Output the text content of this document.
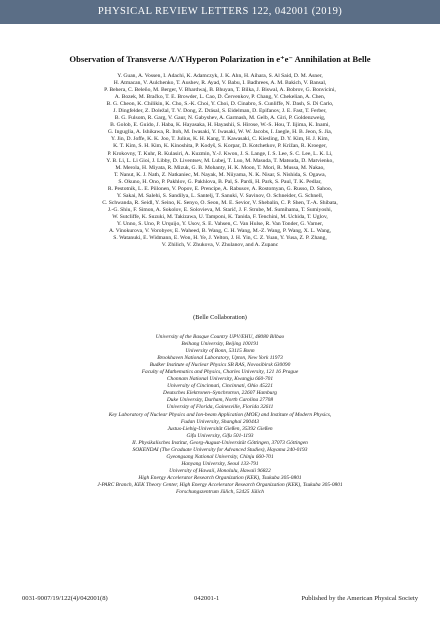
PHYSICAL REVIEW LETTERS 122, 042001 (2019)
Observation of Transverse Λ/Λ̄ Hyperon Polarization in e⁺e⁻ Annihilation at Belle
Y. Guan, A. Vossen, I. Adachi, K. Adamczyk, J. K. Ahn, H. Aihara, S. Al Said, D. M. Asner,
H. Atmacan, V. Aulchenko, T. Aushev, R. Ayad, V. Babu, I. Badhrees, A. M. Bakich, V. Bansal,
P. Behera, C. Beleño, M. Berger, V. Bhardwaj, B. Bhuyan, T. Bilka, J. Biswal, A. Bobrov, G. Bonvicini,
A. Bozek, M. Bračko, T. E. Browder, L. Cao, D. Červenkov, P. Chang, V. Chekelian, A. Chen,
B. G. Cheon, K. Chilikin, K. Cho, S.-K. Choi, Y. Choi, D. Cinabro, S. Cunliffe, N. Dash, S. Di Carlo,
J. Dingfelder, Z. Doležal, T. V. Dong, Z. Drásal, S. Eidelman, D. Epifanov, J. E. Fast, T. Ferber,
B. G. Fulsom, R. Garg, V. Gaur, N. Gabyshev, A. Garmash, M. Gelb, A. Giri, P. Goldenzweig,
B. Golob, E. Guido, J. Haba, K. Hayasaka, H. Hayashii, S. Hirose, W.-S. Hou, T. Iijima, K. Inami,
G. Inguglia, A. Ishikawa, R. Itoh, M. Iwasaki, Y. Iwasaki, W. W. Jacobs, I. Jaegle, H. B. Jeon, S. Jia,
Y. Jin, D. Joffe, K. K. Joo, T. Julius, K. H. Kang, T. Kawasaki, C. Kiesling, D. Y. Kim, H. J. Kim,
K. T. Kim, S. H. Kim, K. Kinoshita, P. Kodyš, S. Korpar, D. Kotchetkov, P. Križan, R. Kroeger,
P. Krokovny, T. Kuhr, R. Kulasiri, A. Kuzmin, Y.-J. Kwon, J. S. Lange, I. S. Lee, S. C. Lee, L. K. Li,
Y. B. Li, L. Li Gioi, J. Libby, D. Liventsev, M. Lubej, T. Luo, M. Masuda, T. Matsuda, D. Matvienko,
M. Merola, H. Miyata, R. Mizuk, G. B. Mohanty, H. K. Moon, T. Mori, R. Mussa, M. Nakao,
T. Nanut, K. J. Nath, Z. Natkaniec, M. Nayak, M. Niiyama, N. K. Nisar, S. Nishida, S. Ogawa,
S. Okuno, H. Ono, P. Pakhlov, G. Pakhlova, B. Pal, S. Pardi, H. Park, S. Paul, T. K. Pedlar,
R. Pestotnik, L. E. Piilonen, V. Popov, E. Prencipe, A. Rabusov, A. Rostomyan, G. Russo, D. Sahoo,
Y. Sakai, M. Salehi, S. Sandilya, L. Santelj, T. Sanuki, V. Savinov, O. Schneider, G. Schnell,
C. Schwanda, R. Seidl, Y. Seino, K. Senyo, O. Seon, M. E. Sevior, V. Shebalin, C. P. Shen, T.-A. Shibata,
J.-G. Shiu, F. Simon, A. Sokolov, E. Solovieva, M. Starič, J. F. Strube, M. Sumihama, T. Sumiyoshi,
W. Sutcliffe, K. Suzuki, M. Takizawa, U. Tamponi, K. Tanida, F. Tenchini, M. Uchida, T. Uglov,
Y. Unno, S. Uno, P. Urquijo, Y. Usov, S. E. Vahsen, C. Van Hulse, R. Van Tonder, G. Varner,
A. Vinokurova, V. Vorobyev, E. Waheed, B. Wang, C. H. Wang, M.-Z. Wang, P. Wang, X. L. Wang,
S. Watanuki, E. Widmann, E. Won, H. Ye, J. Yelton, J. H. Yin, C. Z. Yuan, Y. Yusa, Z. P. Zhang,
V. Zhilich, V. Zhukova, V. Zhulanov, and A. Zupanc
(Belle Collaboration)
University of the Basque Country UPV/EHU, 48080 Bilbao
Beihang University, Beijing 100191
University of Bonn, 53115 Bonn
Brookhaven National Laboratory, Upton, New York 11973
Budker Institute of Nuclear Physics SB RAS, Novosibirsk 630090
Faculty of Mathematics and Physics, Charles University, 121 16 Prague
Chonnam National University, Kwangju 660-701
University of Cincinnati, Cincinnati, Ohio 45221
Deutsches Elektronen–Synchrotron, 22607 Hamburg
Duke University, Durham, North Carolina 27708
University of Florida, Gainesville, Florida 32611
Key Laboratory of Nuclear Physics and Ion-beam Application (MOE) and Institute of Modern Physics,
Fudan University, Shanghai 200443
Justus-Liebig-Universität Gießen, 35392 Gießen
Gifu University, Gifu 501-1193
II. Physikalisches Institut, Georg-August-Universität Göttingen, 37073 Göttingen
SOKENDAI (The Graduate University for Advanced Studies), Hayama 240-0193
Gyeongsang National University, Chinju 660-701
Hanyang University, Seoul 133-791
University of Hawaii, Honolulu, Hawaii 96822
High Energy Accelerator Research Organization (KEK), Tsukuba 305-0801
J-PARC Branch, KEK Theory Center, High Energy Accelerator Research Organization (KEK), Tsukuba 305-0801
Forschungszentrum Jülich, 52425 Jülich
0031-9007/19/122(4)/042001(8)	042001-1	Published by the American Physical Society
